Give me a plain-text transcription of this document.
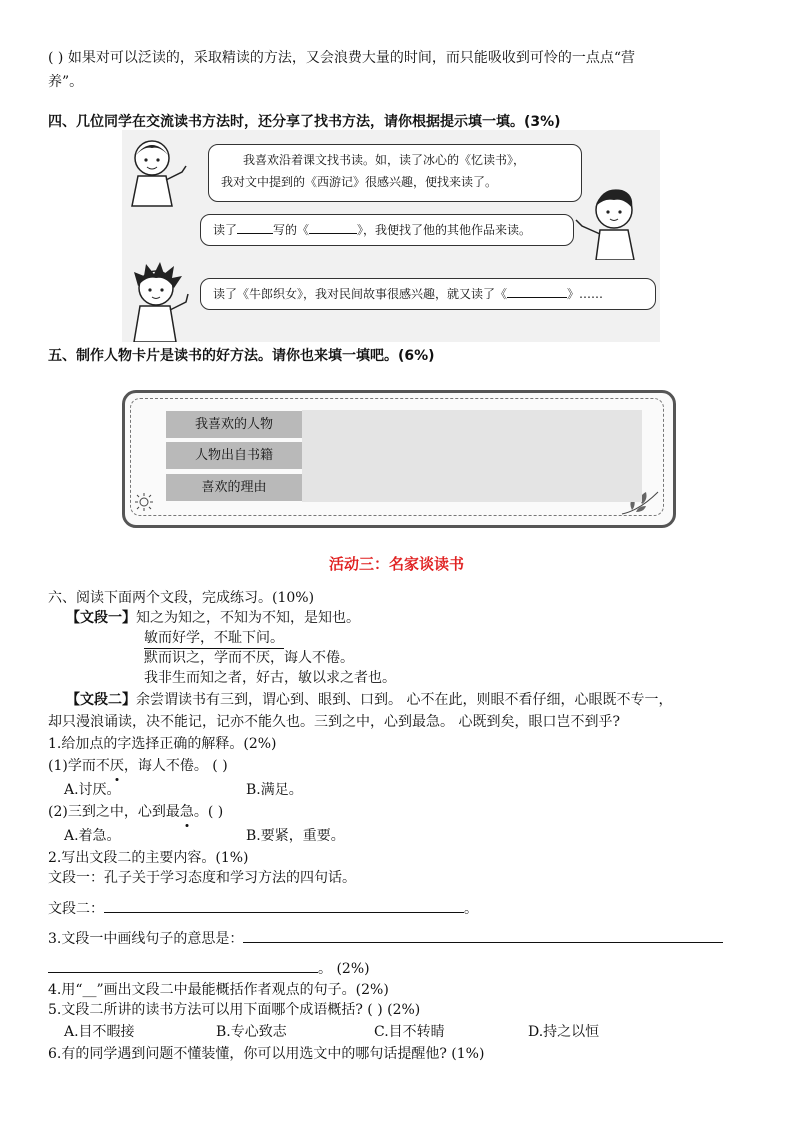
( ) 如果对可以泛读的，采取精读的方法，又会浪费大量的时间，而只能吸收到可怜的一点点“营
养”。
四、几位同学在交流读书方法时，还分享了找书方法，请你根据提示填一填。(3%)
我喜欢沿着课文找书读。如，读了冰心的《忆读书》，
我对文中提到的《西游记》很感兴趣，便找来读了。
读了	写的《	》，我便找了他的其他作品来读。
读了《牛郎织女》，我对民间故事很感兴趣，就又读了《	》……
五、制作人物卡片是读书的好方法。请你也来填一填吧。(6%)
我喜欢的人物
人物出自书籍
喜欢的理由
活动三：名家谈读书
六、阅读下面两个文段，完成练习。(10%)
【文段一】知之为知之，不知为不知，是知也。
敏而好学，不耻下问。
默而识之，学而不厌，诲人不倦。
我非生而知之者，好古，敏以求之者也。
【文段二】余尝谓读书有三到，谓心到、眼到、口到。 心不在此，则眼不看仔细，心眼既不专一，
却只漫浪诵读，决不能记，记亦不能久也。三到之中，心到最急。 心既到矣，眼口岂不到乎?
1.给加点的字选择正确的解释。(2%)
(1)学而不厌，诲人不倦。 ( )
A.讨厌。	B.满足。
(2)三到之中，心到最急。( )
A.着急。	B.要紧，重要。
2.写出文段二的主要内容。(1%)
文段一：孔子关于学习态度和学习方法的四句话。
文段二：	。
3.文段一中画线句子的意思是：
。 (2%)
4.用“__”画出文段二中最能概括作者观点的句子。(2%)
5.文段二所讲的读书方法可以用下面哪个成语概括? ( ) (2%)
A.目不暇接	B.专心致志	C.目不转睛	D.持之以恒
6.有的同学遇到问题不懂装懂，你可以用选文中的哪句话提醒他? (1%)
